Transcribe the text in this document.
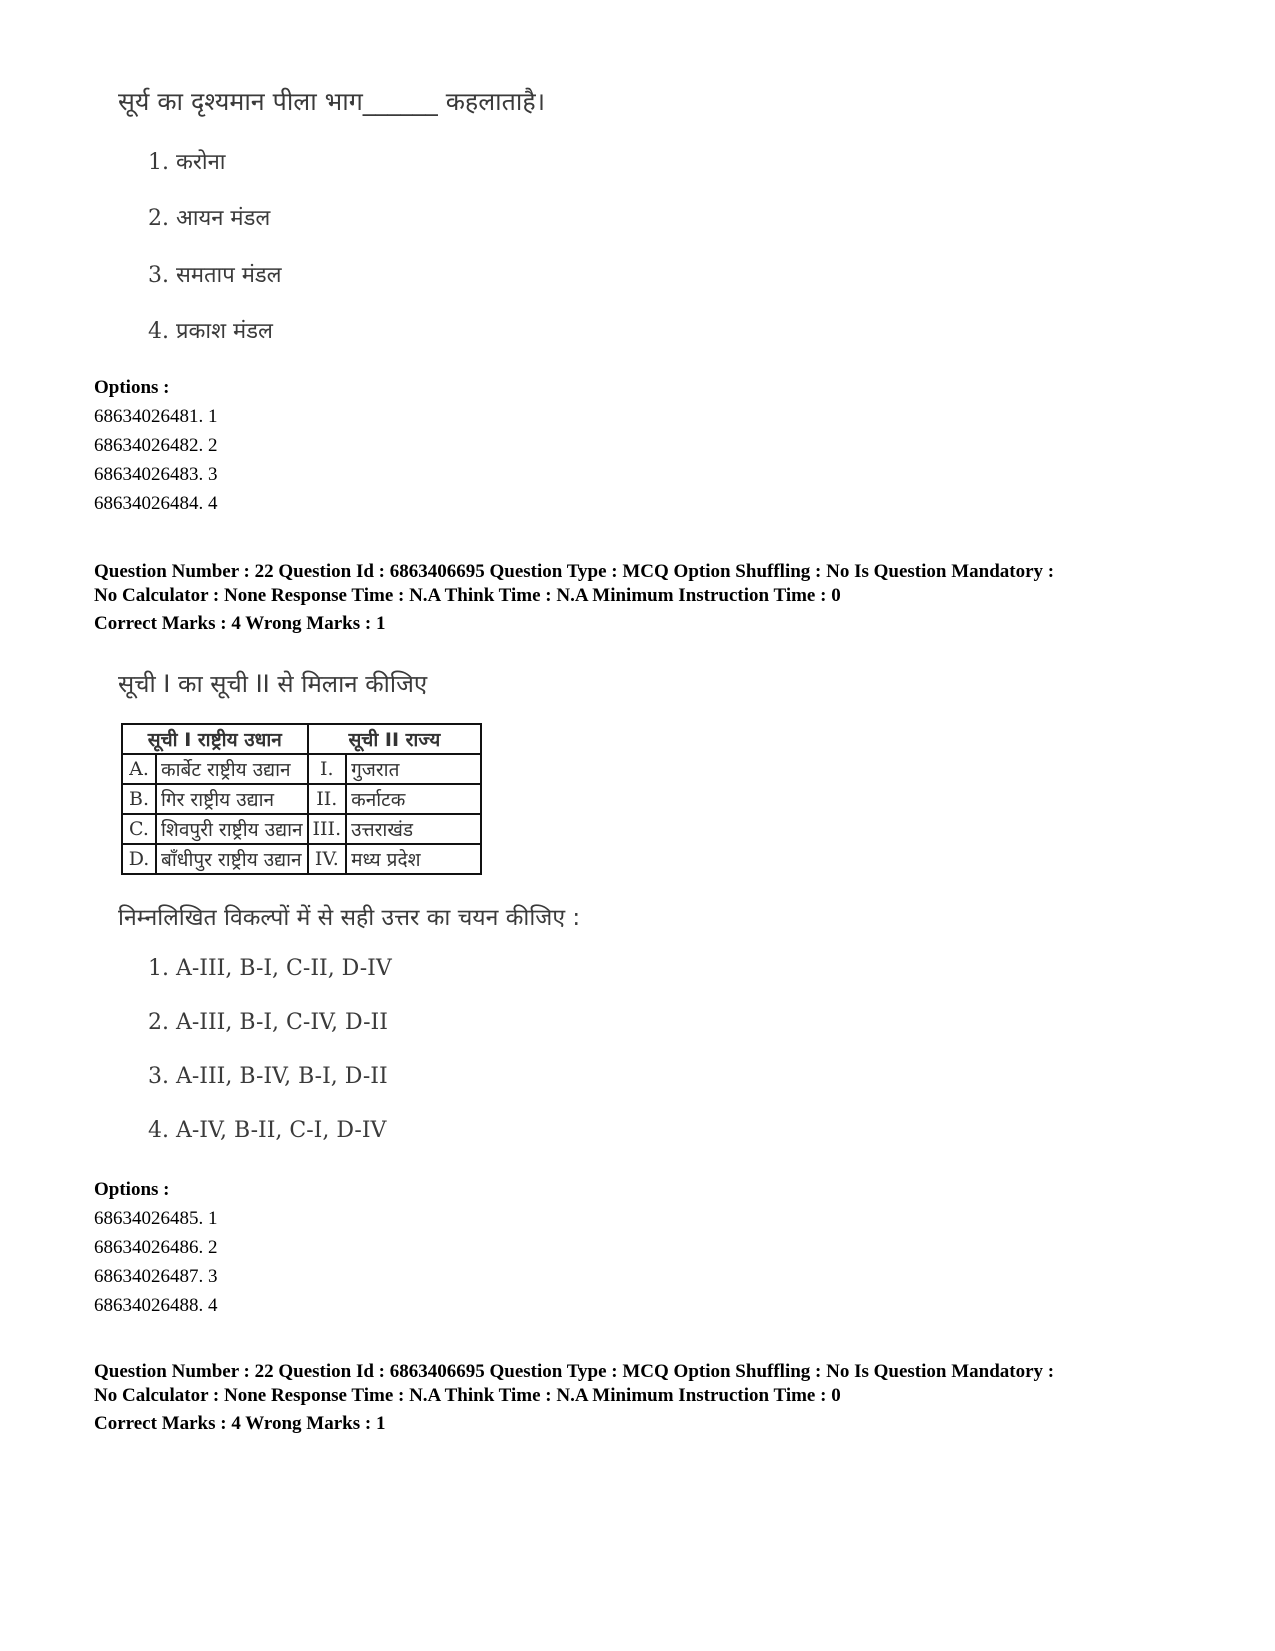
सूर्य का दृश्यमान पीला भाग______ कहलाताहै।
1. करोना
2. आयन मंडल
3. समताप मंडल
4. प्रकाश मंडल
Options :
68634026481. 1
68634026482. 2
68634026483. 3
68634026484. 4
Question Number : 22 Question Id : 6863406695 Question Type : MCQ Option Shuffling : No Is Question Mandatory :
No Calculator : None Response Time : N.A Think Time : N.A Minimum Instruction Time : 0
Correct Marks : 4 Wrong Marks : 1
सूची I का सूची II से मिलान कीजिए
सूची I राष्ट्रीय उधान		सूची II राज्य	
A.	कार्बेट राष्ट्रीय उद्यान	I.	गुजरात
B.	गिर राष्ट्रीय उद्यान	II.	कर्नाटक
C.	शिवपुरी राष्ट्रीय उद्यान	III.	उत्तराखंड
D.	बाँधीपुर राष्ट्रीय उद्यान	IV.	मध्य प्रदेश
निम्नलिखित विकल्पों में से सही उत्तर का चयन कीजिए :
1. A-III, B-I, C-II, D-IV
2. A-III, B-I, C-IV, D-II
3. A-III, B-IV, B-I, D-II
4. A-IV, B-II, C-I, D-IV
Options :
68634026485. 1
68634026486. 2
68634026487. 3
68634026488. 4
Question Number : 22 Question Id : 6863406695 Question Type : MCQ Option Shuffling : No Is Question Mandatory :
No Calculator : None Response Time : N.A Think Time : N.A Minimum Instruction Time : 0
Correct Marks : 4 Wrong Marks : 1
